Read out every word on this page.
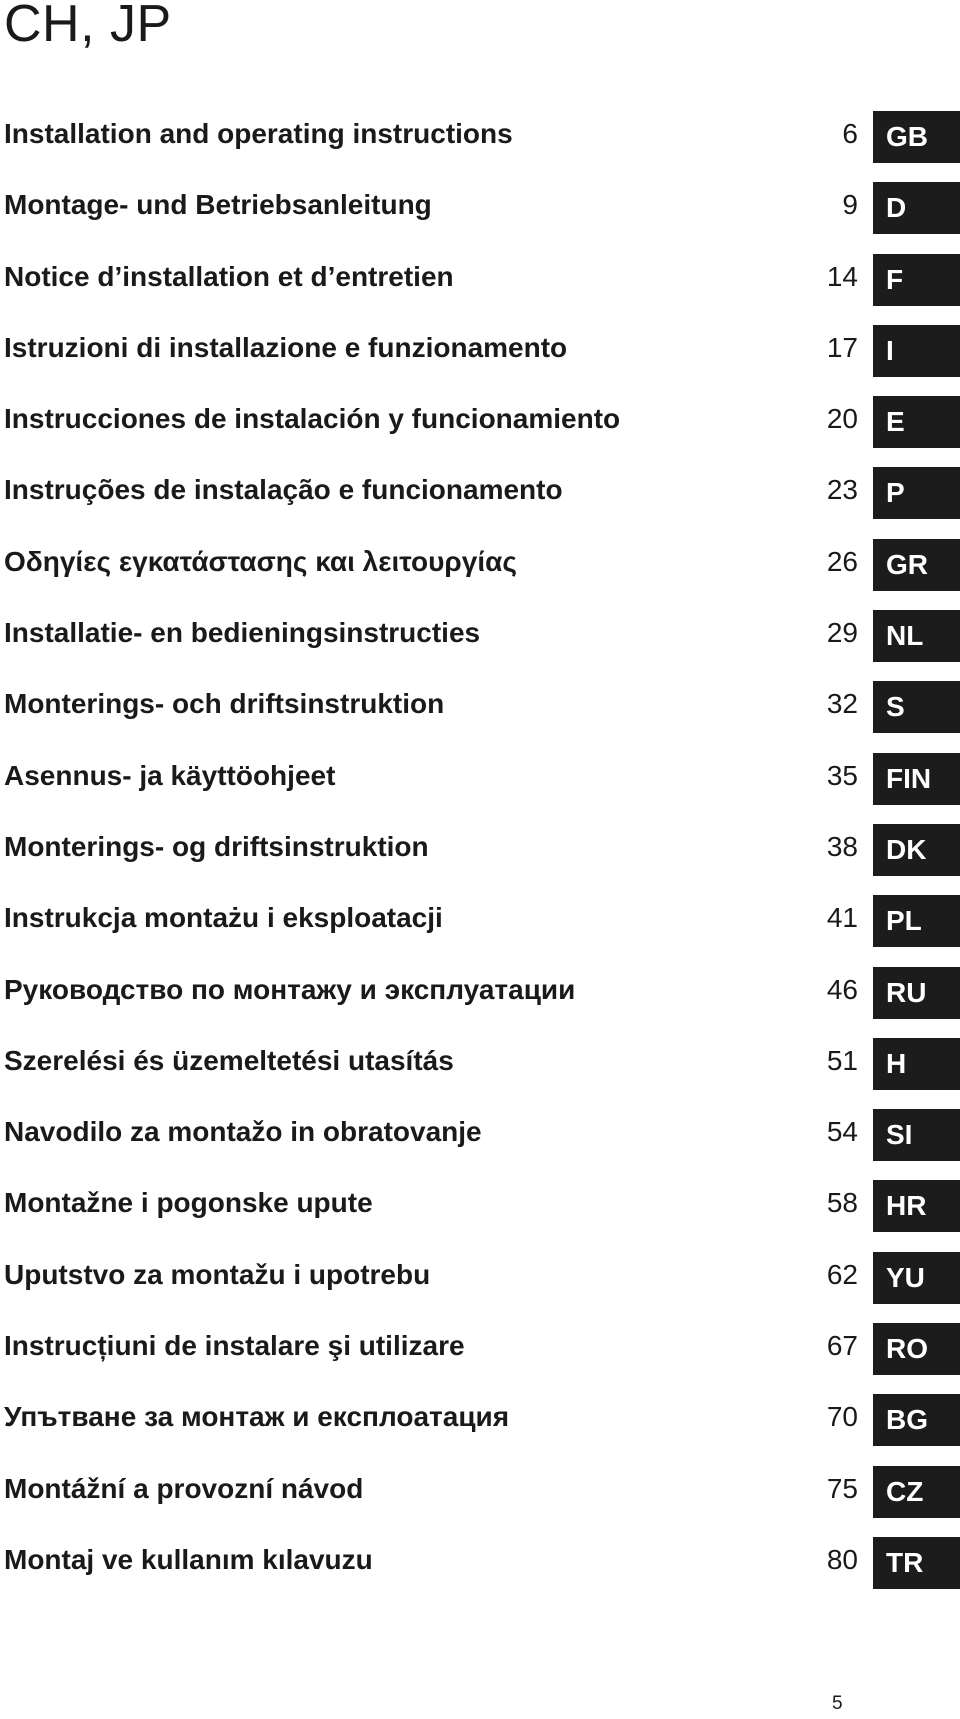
CH, JP
Installation and operating instructions	6	GB
Montage- und Betriebsanleitung	9	D
Notice d’installation et d’entretien	14	F
Istruzioni di installazione e funzionamento	17	I
Instrucciones de instalación y funcionamiento	20	E
Instruções de instalação e funcionamento	23	P
Οδηγίες εγκατάστασης και λειτουργίας	26	GR
Installatie- en bedieningsinstructies	29	NL
Monterings- och driftsinstruktion	32	S
Asennus- ja käyttöohjeet	35	FIN
Monterings- og driftsinstruktion	38	DK
Instrukcja montażu i eksploatacji	41	PL
Руководство по монтажу и эксплуатации	46	RU
Szerelési és üzemeltetési utasítás	51	H
Navodilo za montažo in obratovanje	54	SI
Montažne i pogonske upute	58	HR
Uputstvo za montažu i upotrebu	62	YU
Instrucțiuni de instalare şi utilizare	67	RO
Упътване за монтаж и експлоатация	70	BG
Montážní a provozní návod	75	CZ
Montaj ve kullanım kılavuzu	80	TR
5
